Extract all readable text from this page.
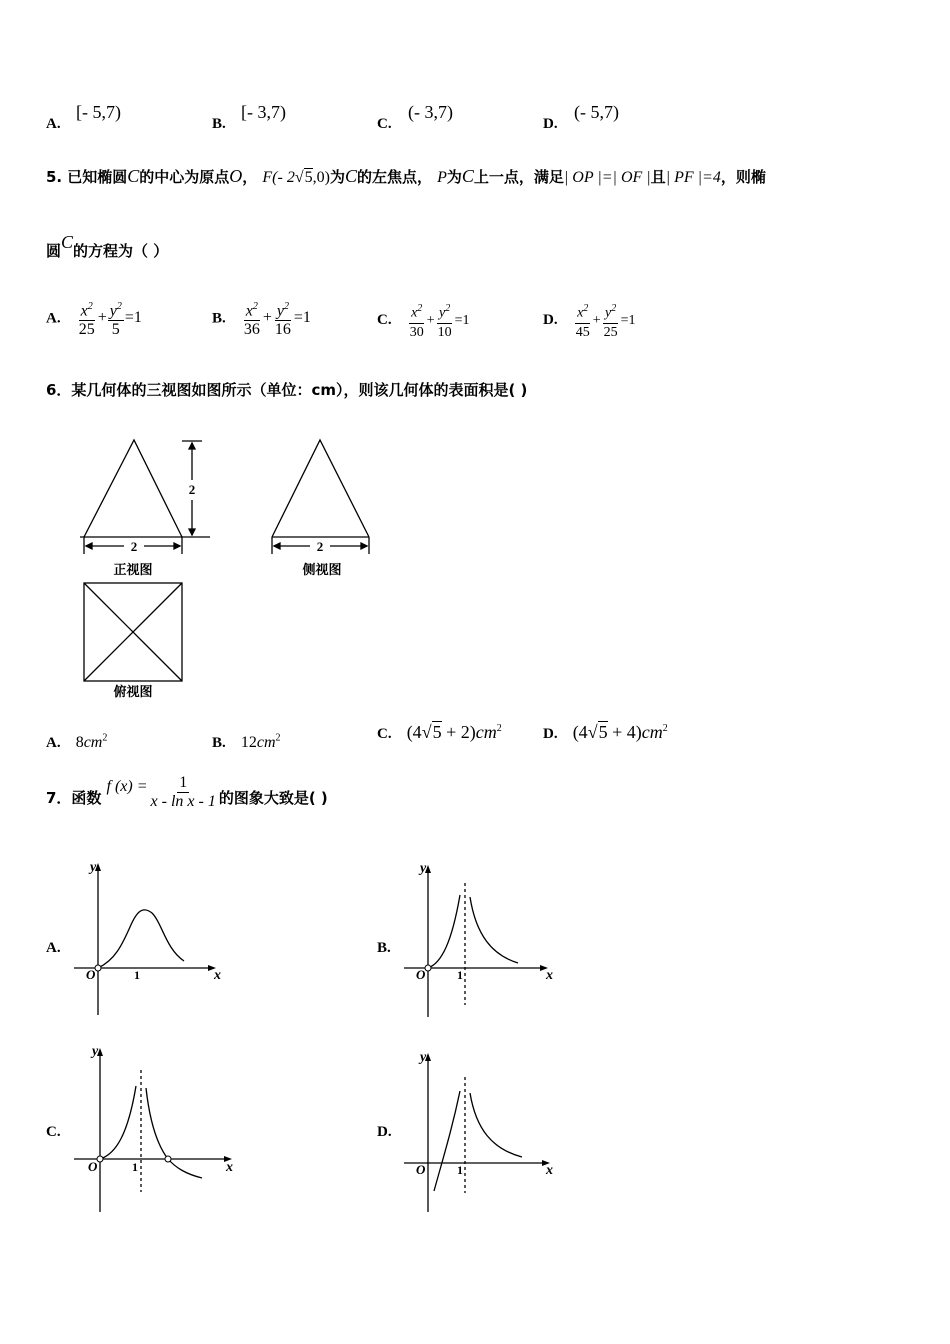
A.
[- 5,7)
B.
[- 3,7)
C.
(- 3,7)
D.
(- 5,7)
5. 已知椭圆C的中心为原点O， F(- 2√5,0)为C的左焦点， P为C上一点，满足| OP |=| OF |且| PF |=4，则椭
圆C的方程为（ ）
A. $\frac{x^2}{25} + \frac{y^2}{5} =1$	B. $\frac{x^2}{36} + \frac{y^2}{16} =1$	C. $\frac{x^2}{30} + \frac{y^2}{10} =1$	D. $\frac{x^2}{45} + \frac{y^2}{25} =1$
6．某几何体的三视图如图所示（单位：cm），则该几何体的表面积是( )
2
2
正视图
2
侧视图
俯视图
A. $8cm^2$	B. $12cm^2$	C. $(4√5 + 2)cm^2$	D. $(4√5 + 4)cm^2$
7．函数 f $(x) = \frac{1}{\text{x - ln x - 1}}$ 的图象大致是( )
A.
y
x
O	1
B.
y
x
O	1
C.
y
x
O	1
D.
y
x
O	1
